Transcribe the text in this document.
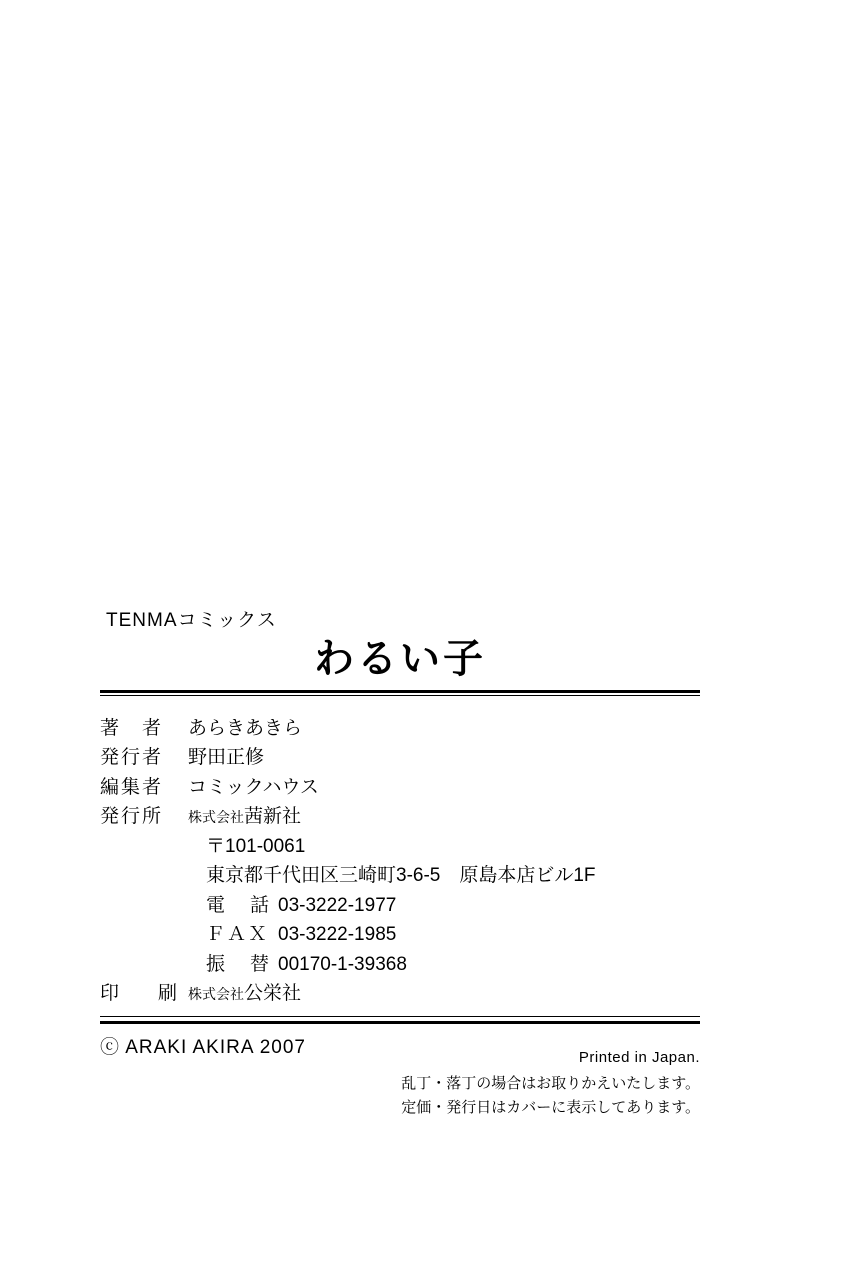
TENMAコミックス
わるい子
著　者	あらきあきら
発行者	野田正修
編集者	コミックハウス
発行所	株式会社茜新社
〒101-0061
東京都千代田区三崎町3-6-5　原島本店ビル1F
電　話 03-3222-1977
ＦＡＸ 03-3222-1985
振　替 00170-1-39368
印　刷 株式会社公栄社
ⓒ ARAKI AKIRA 2007	Printed in Japan.
乱丁・落丁の場合はお取りかえいたします。
定価・発行日はカバーに表示してあります。
